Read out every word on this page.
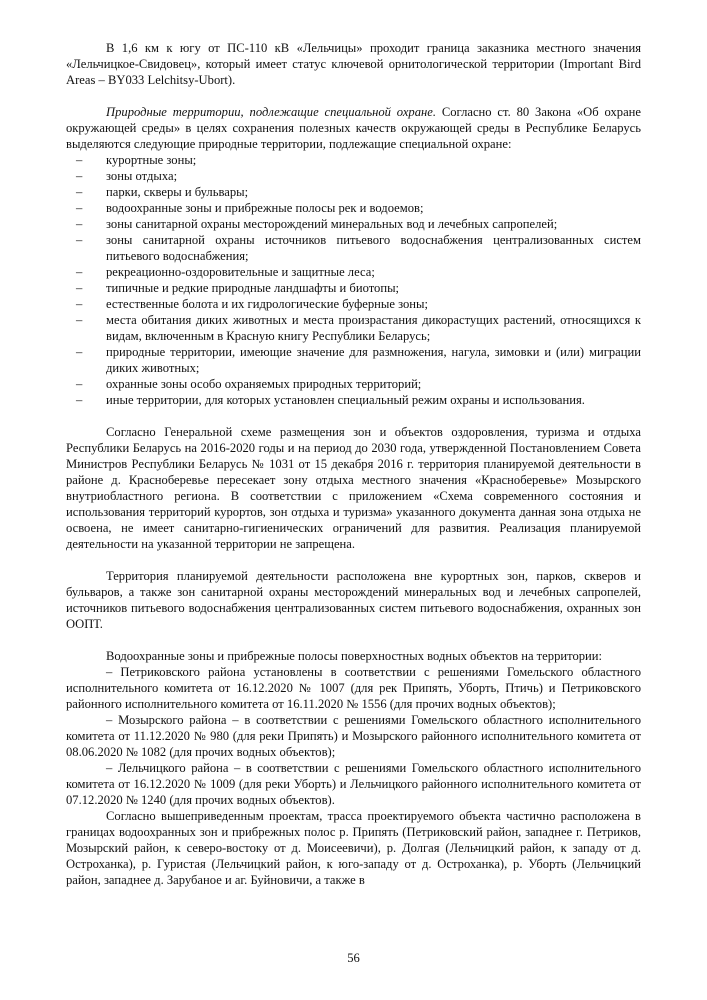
В 1,6 км к югу от ПС-110 кВ «Лельчицы» проходит граница заказника местного значения «Лельчицкое-Свидовец», который имеет статус ключевой орнитологической территории (Important Bird Areas – BY033 Lelchitsy-Ubort).

Природные территории, подлежащие специальной охране. Согласно ст. 80 Закона «Об охране окружающей среды» в целях сохранения полезных качеств окружающей среды в Республике Беларусь выделяются следующие природные территории, подлежащие специальной охране:

– курортные зоны;
– зоны отдыха;
– парки, скверы и бульвары;
– водоохранные зоны и прибрежные полосы рек и водоемов;
– зоны санитарной охраны месторождений минеральных вод и лечебных сапропелей;
– зоны санитарной охраны источников питьевого водоснабжения централизованных систем питьевого водоснабжения;
– рекреационно-оздоровительные и защитные леса;
– типичные и редкие природные ландшафты и биотопы;
– естественные болота и их гидрологические буферные зоны;
– места обитания диких животных и места произрастания дикорастущих растений, относящихся к видам, включенным в Красную книгу Республики Беларусь;
– природные территории, имеющие значение для размножения, нагула, зимовки и (или) миграции диких животных;
– охранные зоны особо охраняемых природных территорий;
– иные территории, для которых установлен специальный режим охраны и использования.

Согласно Генеральной схеме размещения зон и объектов оздоровления, туризма и отдыха Республики Беларусь на 2016-2020 годы и на период до 2030 года, утвержденной Постановлением Совета Министров Республики Беларусь № 1031 от 15 декабря 2016 г. территория планируемой деятельности в районе д. Красноберевье пересекает зону отдыха местного значения «Красноберевье» Мозырского внутриобластного региона. В соответствии с приложением «Схема современного состояния и использования территорий курортов, зон отдыха и туризма» указанного документа данная зона отдыха не освоена, не имеет санитарно-гигиенических ограничений для развития. Реализация планируемой деятельности на указанной территории не запрещена.

Территория планируемой деятельности расположена вне курортных зон, парков, скверов и бульваров, а также зон санитарной охраны месторождений минеральных вод и лечебных сапропелей, источников питьевого водоснабжения централизованных систем питьевого водоснабжения, охранных зон ООПТ.

Водоохранные зоны и прибрежные полосы поверхностных водных объектов на территории:

– Петриковского района установлены в соответствии с решениями Гомельского областного исполнительного комитета от 16.12.2020 № 1007 (для рек Припять, Уборть, Птичь) и Петриковского районного исполнительного комитета от 16.11.2020 № 1556 (для прочих водных объектов);

– Мозырского района – в соответствии с решениями Гомельского областного исполнительного комитета от 11.12.2020 № 980 (для реки Припять) и Мозырского районного исполнительного комитета от 08.06.2020 № 1082 (для прочих водных объектов);

– Лельчицкого района – в соответствии с решениями Гомельского областного исполнительного комитета от 16.12.2020 № 1009 (для реки Уборть) и Лельчицкого районного исполнительного комитета от 07.12.2020 № 1240 (для прочих водных объектов).

Согласно вышеприведенным проектам, трасса проектируемого объекта частично расположена в границах водоохранных зон и прибрежных полос р. Припять (Петриковский район, западнее г. Петриков, Мозырский район, к северо-востоку от д. Моисеевичи), р. Долгая (Лельчицкий район, к западу от д. Остроханка), р. Гуристая (Лельчицкий район, к юго-западу от д. Остроханка), р. Уборть (Лельчицкий район, западнее д. Зарубаное и аг. Буйновичи, а также в

56
